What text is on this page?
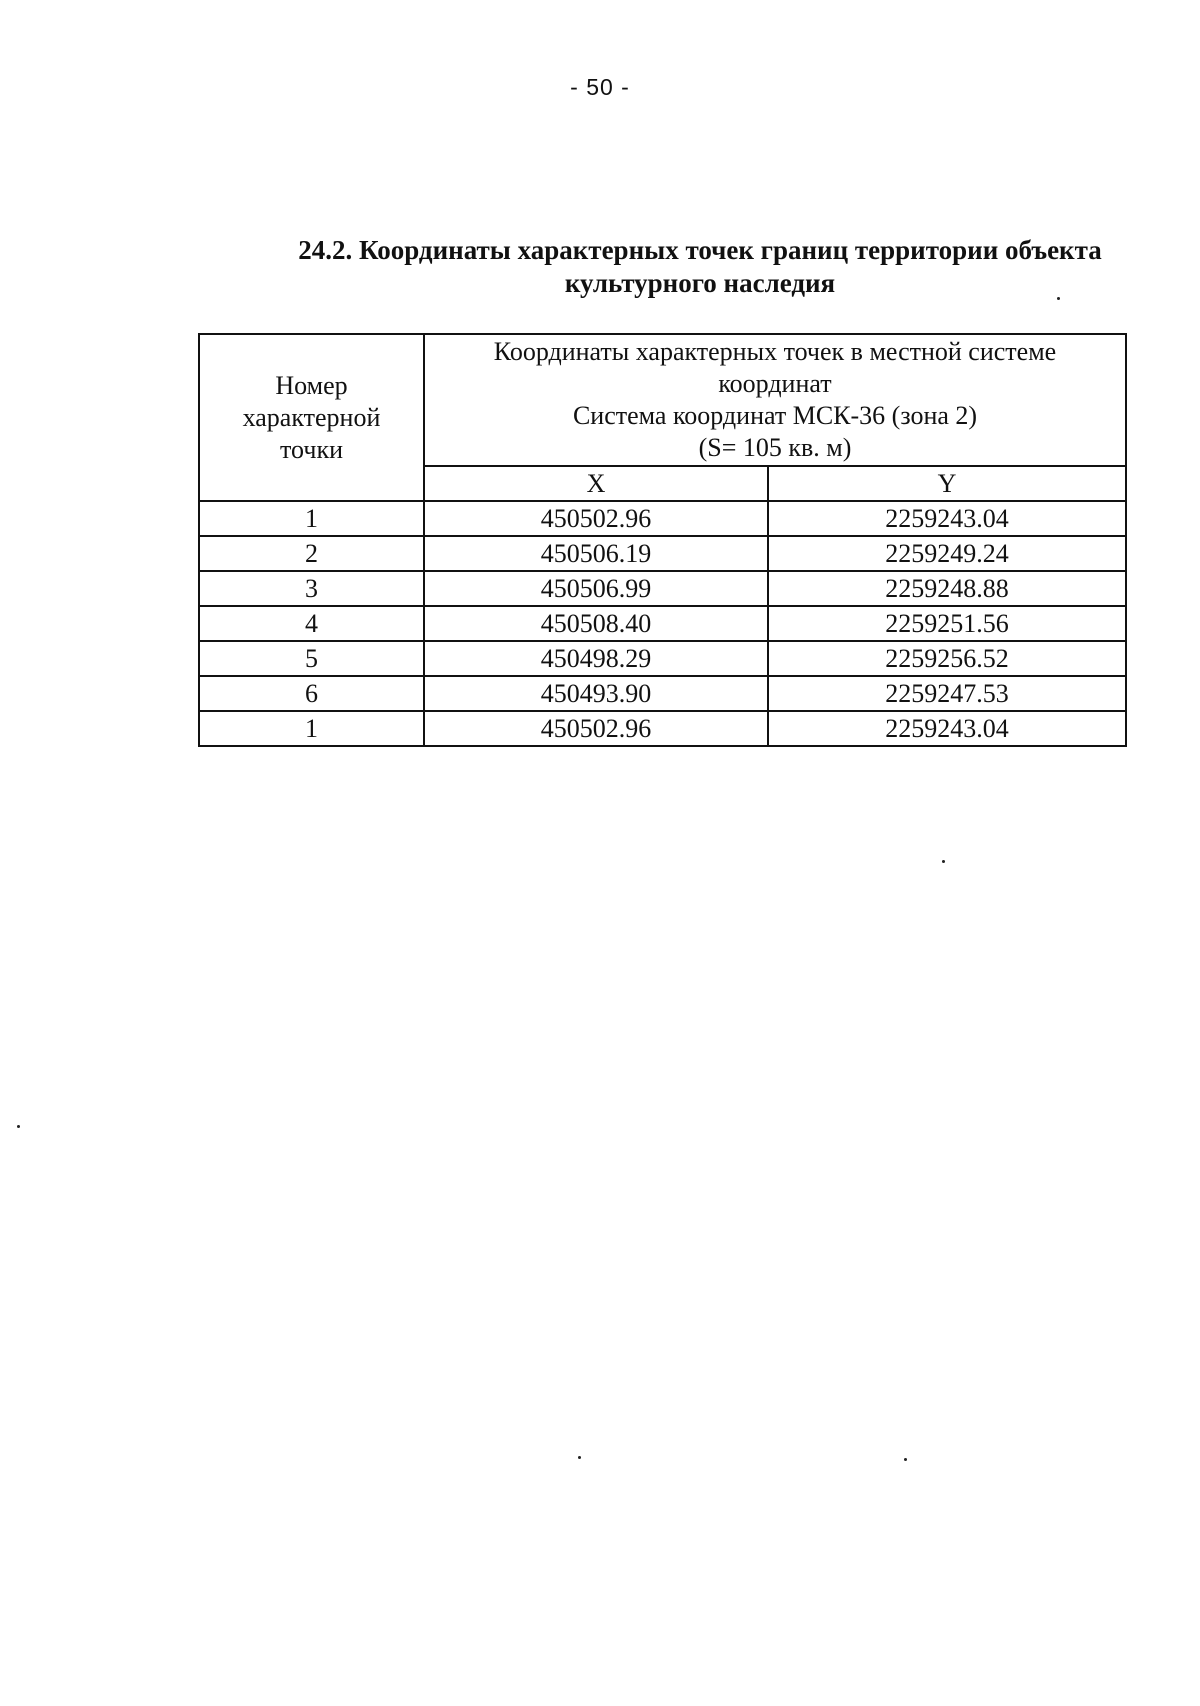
- 50 -
24.2. Координаты характерных точек границ территории объекта
культурного наследия
Номер
характерной
точки	Координаты характерных точек в местной системе
координат
Система координат МСК-36 (зона 2)
(S= 105 кв. м)	
	X	Y
1	450502.96	2259243.04
2	450506.19	2259249.24
3	450506.99	2259248.88
4	450508.40	2259251.56
5	450498.29	2259256.52
6	450493.90	2259247.53
1	450502.96	2259243.04
